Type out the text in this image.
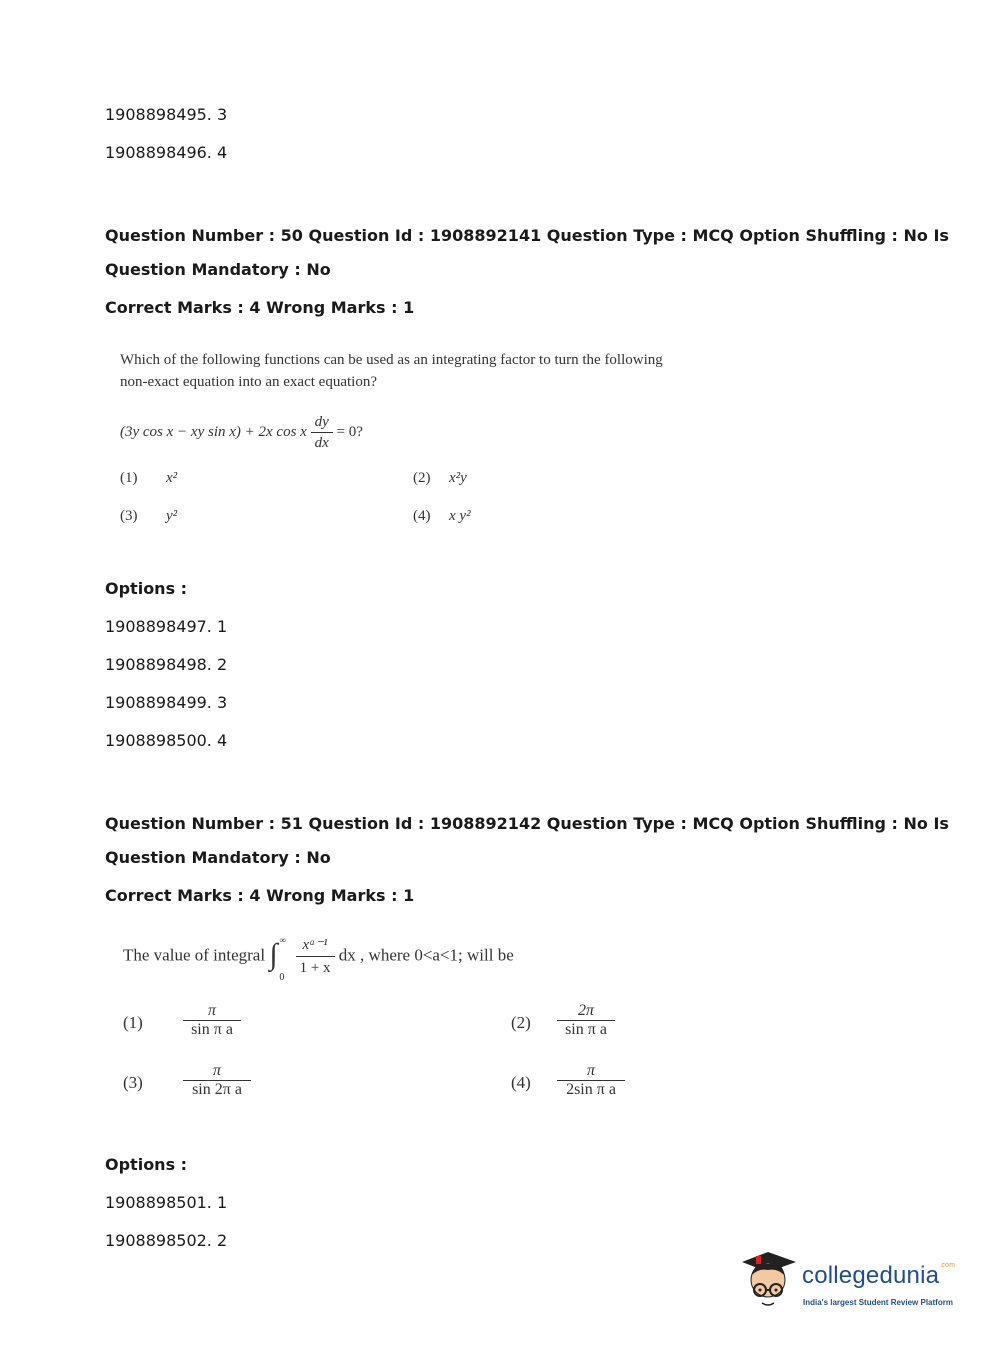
1908898495. 3
1908898496. 4
Question Number : 50 Question Id : 1908892141 Question Type : MCQ Option Shuffling : No Is
Question Mandatory : No
Correct Marks : 4 Wrong Marks : 1
Which of the following functions can be used as an integrating factor to turn the following
non-exact equation into an exact equation?
(3y cos x − xy sin x) + 2x cos x $\frac{dy}{dx} = 0$?
(1) x²	(2) x²y
(3) y²	(4) x y²
Options :
1908898497. 1
1908898498. 2
1908898499. 3
1908898500. 4
Question Number : 51 Question Id : 1908892142 Question Type : MCQ Option Shuffling : No Is
Question Mandatory : No
Correct Marks : 4 Wrong Marks : 1
The value of integral ∫ ∞
0
$\frac{\text{xᵃ⁻¹}}{1 + x}$ dx , where 0<a<1; will be
(1)	$\frac{\pi}{\text{sin π a}}$	$(2) \frac{2\pi}{\text{sin π a}}$
(3)	$\frac{\pi}{\text{sin 2π a}}$	$(4) \frac{\pi}{\text{2sin π a}}$
Options :
1908898501. 1
1908898502. 2
collegedunia$^{.com}$
India's largest Student Review Platform
